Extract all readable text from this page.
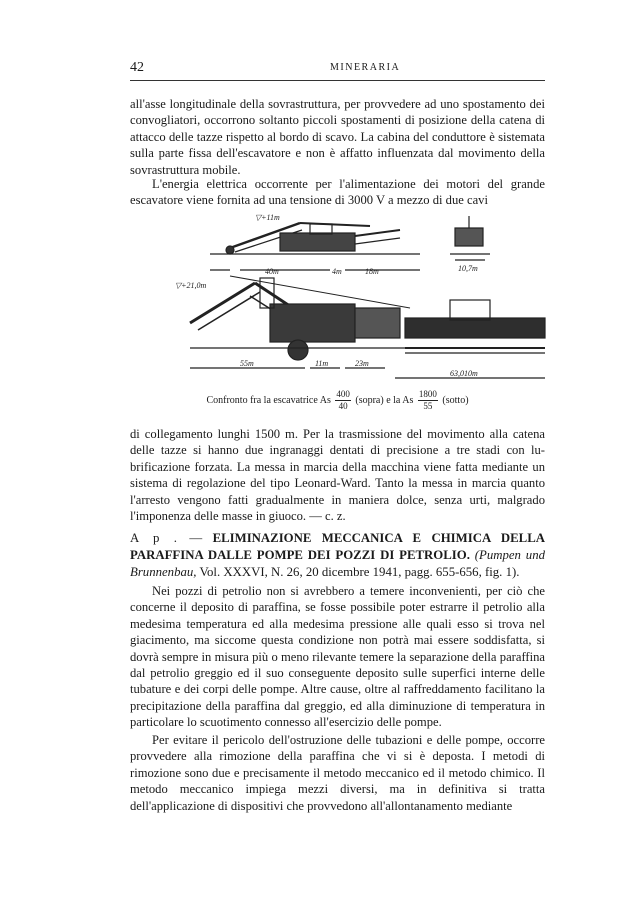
42	MINERARIA

all'asse longitudinale della sovrastruttura, per provvedere ad uno spostamento dei convogliatori, occorrono soltanto piccoli spostamenti di posizione della catena di attacco delle tazze rispetto al bordo di scavo. La cabina del conduttore è sistemata sulla parte fissa dell'escavatore e non è affatto influenzata dal movimento della sovrastruttura mobile.

L'energia elettrica occorrente per l'alimentazione dei motori del grande escavatore viene fornita ad una tensione di 3000 V a mezzo di due cavi

▽+11m
40m	4m	18m	10,7m
▽+21,0m
55m	11m	23m
63,010m
Confronto fra la escavatrice As $\frac{400}{40}$ (sopra) e la As $\frac{1800}{55}$ (sotto)

di collegamento lunghi 1500 m. Per la trasmissione del movimento alla catena delle tazze si hanno due ingranaggi dentati di precisione a tre stadi con lubrificazione forzata. La messa in marcia della macchina viene fatta mediante un sistema di regolazione del tipo Leonard-Ward. Tanto la messa in marcia quanto l'arresto vengono fatti gradualmente in maniera dolce, senza urti, malgrado l'imponenza delle masse in giuoco. — c. z.

A p . — ELIMINAZIONE MECCANICA E CHIMICA DELLA PARAFFINA DALLE POMPE DEI POZZI DI PETROLIO. (Pumpen und Brunnenbau, Vol. XXXVI, N. 26, 20 dicembre 1941, pagg. 655-656, fig. 1).

Nei pozzi di petrolio non si avrebbero a temere inconvenienti, per ciò che concerne il deposito di paraffina, se fosse possibile poter estrarre il petrolio alla medesima temperatura ed alla medesima pressione alle quali esso si trova nel giacimento, ma siccome questa condizione non potrà mai essere soddisfatta, si dovrà sempre in misura più o meno rilevante temere la separazione della paraffina dal petrolio greggio ed il suo conseguente deposito sulle superfici interne delle tubature e dei corpi delle pompe. Altre cause, oltre al raffreddamento facilitano la precipitazione della paraffina dal greggio, ed alla diminuzione di temperatura in particolare lo scuotimento connesso all'esercizio delle pompe.

Per evitare il pericolo dell'ostruzione delle tubazioni e delle pompe, occorre provvedere alla rimozione della paraffina che vi si è deposta. I metodi di rimozione sono due e precisamente il metodo meccanico ed il metodo chimico. Il metodo meccanico impiega mezzi diversi, ma in definitiva si tratta dell'applicazione di dispositivi che provvedono all'allontanamento mediante
